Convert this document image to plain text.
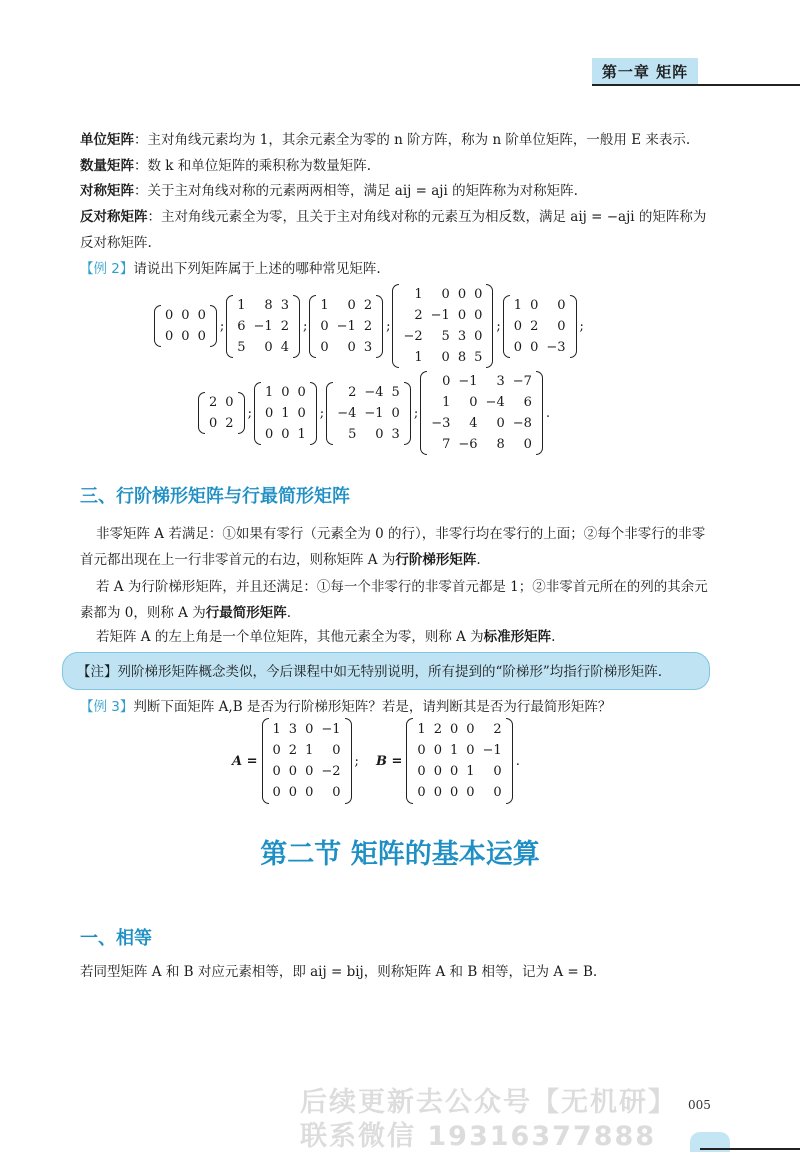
第一章 矩阵
单位矩阵：主对角线元素均为 1，其余元素全为零的 n 阶方阵，称为 n 阶单位矩阵，一般用 E 来表示.
数量矩阵：数 k 和单位矩阵的乘积称为数量矩阵.
对称矩阵：关于主对角线对称的元素两两相等，满足 aij = aji 的矩阵称为对称矩阵.
反对称矩阵：主对角线元素全为零，且关于主对角线对称的元素互为相反数，满足 aij = −aji 的矩阵称为
反对称矩阵.
【例 2】请说出下列矩阵属于上述的哪种常见矩阵.
0	0	0
0	0	0
;
1	8	3
6	−1	2
5	0	4
;
1	0	2
0	−1	2
0	0	3
;
1	0	0	0
2	−1	0	0
−2	5	3	0
1	0	8	5
;
1	0	0
0	2	0
0	0	−3
;
2	0
0	2
;
1	0	0
0	1	0
0	0	1
;
2	−4	5
−4	−1	0
5	0	3
;
0	−1	3	−7
1	0	−4	6
−3	4	0	−8
7	−6	8	0
.
三、行阶梯形矩阵与行最简形矩阵
非零矩阵 A 若满足：①如果有零行（元素全为 0 的行），非零行均在零行的上面；②每个非零行的非零
首元都出现在上一行非零首元的右边，则称矩阵 A 为行阶梯形矩阵.
若 A 为行阶梯形矩阵，并且还满足：①每一个非零行的非零首元都是 1；②非零首元所在的列的其余元
素都为 0，则称 A 为行最简形矩阵.
若矩阵 A 的左上角是一个单位矩阵，其他元素全为零，则称 A 为标准形矩阵.
【注】列阶梯形矩阵概念类似，今后课程中如无特别说明，所有提到的“阶梯形”均指行阶梯形矩阵.
【例 3】判断下面矩阵 A,B 是否为行阶梯形矩阵？若是，请判断其是否为行最简形矩阵？
A =
1	3	0	−1
0	2	1	0
0	0	0	−2
0	0	0	0
; B =
1	2	0	0	2
0	0	1	0	−1
0	0	0	1	0
0	0	0	0	0
.
第二节 矩阵的基本运算
一、相等
若同型矩阵 A 和 B 对应元素相等，即 aij = bij，则称矩阵 A 和 B 相等，记为 A = B.
后续更新去公众号【无机研】
联系微信 19316377888
005
